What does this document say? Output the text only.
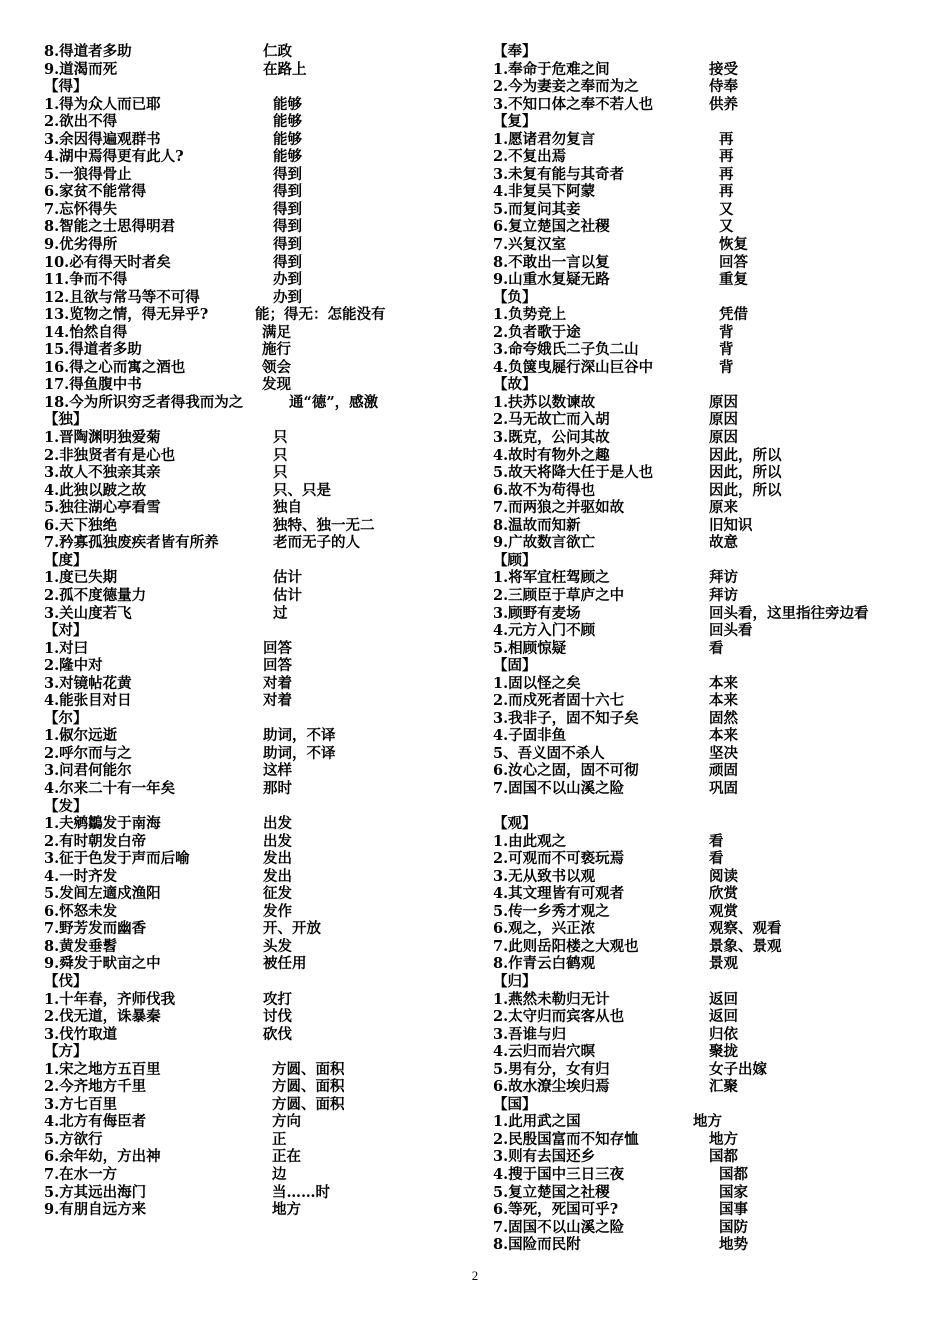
8.得道者多助	仁政
9.道渴而死	在路上
【得】
1.得为众人而已耶	能够
2.欲出不得	能够
3.余因得遍观群书	能够
4.湖中焉得更有此人?	能够
5.一狼得骨止	得到
6.家贫不能常得	得到
7.忘怀得失	得到
8.智能之士思得明君	得到
9.优劣得所	得到
10.必有得天时者矣	得到
11.争而不得	办到
12.且欲与常马等不可得	办到
13.览物之情，得无异乎?	能；得无：怎能没有
14.怡然自得	满足
15.得道者多助	施行
16.得之心而寓之酒也	领会
17.得鱼腹中书	发现
18.今为所识穷乏者得我而为之	通“德”，感激
【独】
1.晋陶渊明独爱菊	只
2.非独贤者有是心也	只
3.故人不独亲其亲	只
4.此独以跛之故	只、只是
5.独往湖心亭看雪	独自
6.天下独绝	独特、独一无二
7.矜寡孤独废疾者皆有所养	老而无子的人
【度】
1.度已失期	估计
2.孤不度德量力	估计
3.关山度若飞	过
【对】
1.对曰	回答
2.隆中对	回答
3.对镜帖花黄	对着
4.能张目对日	对着
【尔】
1.俶尔远逝	助词，不译
2.呼尔而与之	助词，不译
3.问君何能尔	这样
4.尔来二十有一年矣	那时
【发】
1.夫鹓鶵发于南海	出发
2.有时朝发白帝	出发
3.征于色发于声而后喻	发出
4.一时齐发	发出
5.发闾左適戍渔阳	征发
6.怀怒未发	发作
7.野芳发而幽香	开、开放
8.黄发垂髫	头发
9.舜发于畎亩之中	被任用
【伐】
1.十年春，齐师伐我	攻打
2.伐无道，诛暴秦	讨伐
3.伐竹取道	砍伐
【方】
1.宋之地方五百里	方圆、面积
2.今齐地方千里	方圆、面积
3.方七百里	方圆、面积
4.北方有侮臣者	方向
5.方欲行	正
6.余年幼，方出神	正在
7.在水一方	边
5.方其远出海门	当……时
9.有朋自远方来	地方
【奉】
1.奉命于危难之间	接受
2.今为妻妾之奉而为之	侍奉
3.不知口体之奉不若人也	供养
【复】
1.愿诸君勿复言	再
2.不复出焉	再
3.未复有能与其奇者	再
4.非复吴下阿蒙	再
5.而复问其妾	又
6.复立楚国之社稷	又
7.兴复汉室	恢复
8.不敢出一言以复	回答
9.山重水复疑无路	重复
【负】
1.负势竞上	凭借
2.负者歌于途	背
3.命夸娥氏二子负二山	背
4.负箧曳屣行深山巨谷中	背
【故】
1.扶苏以数谏故	原因
2.马无故亡而入胡	原因
3.既克，公问其故	原因
4.故时有物外之趣	因此，所以
5.故天将降大任于是人也	因此，所以
6.故不为苟得也	因此，所以
7.而两狼之并驱如故	原来
8.温故而知新	旧知识
9.广故数言欲亡	故意
【顾】
1.将军宜枉驾顾之	拜访
2.三顾臣于草庐之中	拜访
3.顾野有麦场	回头看，这里指往旁边看
4.元方入门不顾	回头看
5.相顾惊疑	看
【固】
1.固以怪之矣	本来
2.而戍死者固十六七	本来
3.我非子，固不知子矣	固然
4.子固非鱼	本来
5、吾义固不杀人	坚决
6.汝心之固，固不可彻	顽固
7.固国不以山溪之险	巩固
【观】
1.由此观之	看
2.可观而不可亵玩焉	看
3.无从致书以观	阅读
4.其文理皆有可观者	欣赏
5.传一乡秀才观之	观赏
6.观之，兴正浓	观察、观看
7.此则岳阳楼之大观也	景象、景观
8.作青云白鹤观	景观
【归】
1.燕然未勒归无计	返回
2.太守归而宾客从也	返回
3.吾谁与归	归依
4.云归而岩穴暝	聚拢
5.男有分，女有归	女子出嫁
6.故水潦尘埃归焉	汇聚
【国】
1.此用武之国	地方
2.民殷国富而不知存恤	地方
3.则有去国还乡	国都
4.搜于国中三日三夜	国都
5.复立楚国之社稷	国家
6.等死，死国可乎?	国事
7.固国不以山溪之险	国防
8.国险而民附	地势
2
